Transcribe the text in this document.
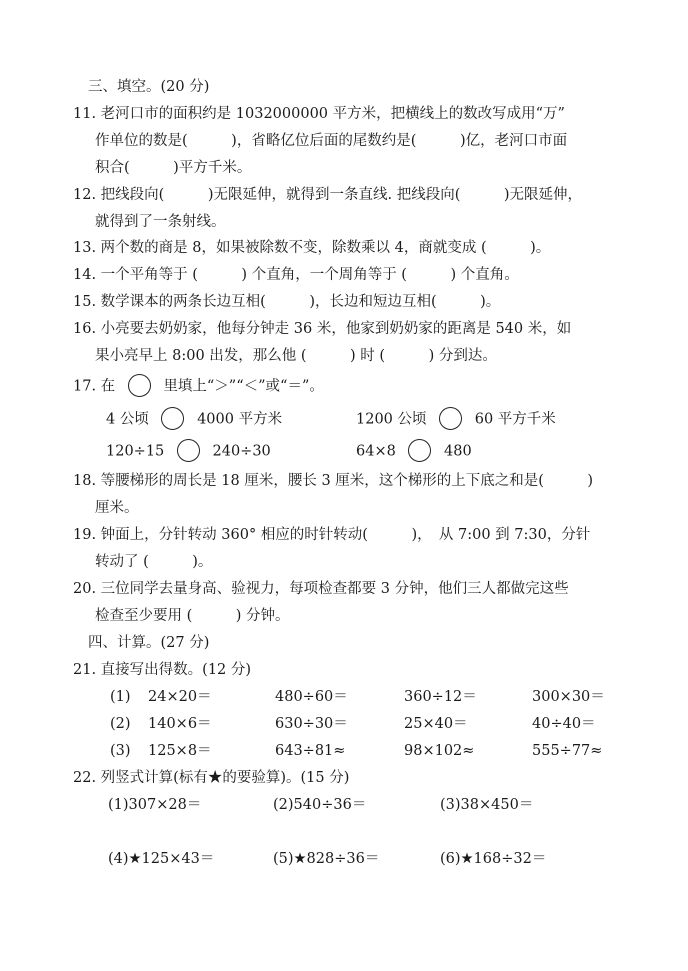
三、填空。(20 分)
11. 老河口市的面积约是 1032000000 平方米，把横线上的数改写成用“万”
作单位的数是(　　　)，省略亿位后面的尾数约是(　　　)亿，老河口市面
积合(　　　)平方千米。
12. 把线段向(　　　)无限延伸，就得到一条直线. 把线段向(　　　)无限延伸，
就得到了一条射线。
13. 两个数的商是 8，如果被除数不变，除数乘以 4，商就变成 (　　　)。
14. 一个平角等于 (　　　) 个直角，一个周角等于 (　　　) 个直角。
15. 数学课本的两条长边互相(　　　)，长边和短边互相(　　　)。
16. 小亮要去奶奶家，他每分钟走 36 米，他家到奶奶家的距离是 540 米，如
果小亮早上 8:00 出发，那么他 (　　　) 时 (　　　) 分到达。
17. 在	里填上“＞”“＜”或“＝”。
4 公顷	4000 平方米	1200 公顷	60 平方千米
120÷15	240÷30	64×8	480
18. 等腰梯形的周长是 18 厘米，腰长 3 厘米，这个梯形的上下底之和是(　　　)
厘米。
19. 钟面上，分针转动 360° 相应的时针转动(　　　)，　从 7:00 到 7:30，分针
转动了 (　　　)。
20. 三位同学去量身高、验视力，每项检查都要 3 分钟，他们三人都做完这些
检查至少要用 (　　　) 分钟。
四、计算。(27 分)
21. 直接写出得数。(12 分)
(1) 24×20＝	480÷60＝	360÷12＝	300×30＝
(2) 140×6＝	630÷30＝	25×40＝	40÷40＝
(3) 125×8＝	643÷81≈	98×102≈	555÷77≈
22. 列竖式计算(标有★的要验算)。(15 分)
(1)307×28＝	(2)540÷36＝	(3)38×450＝
(4)★125×43＝	(5)★828÷36＝	(6)★168÷32＝
